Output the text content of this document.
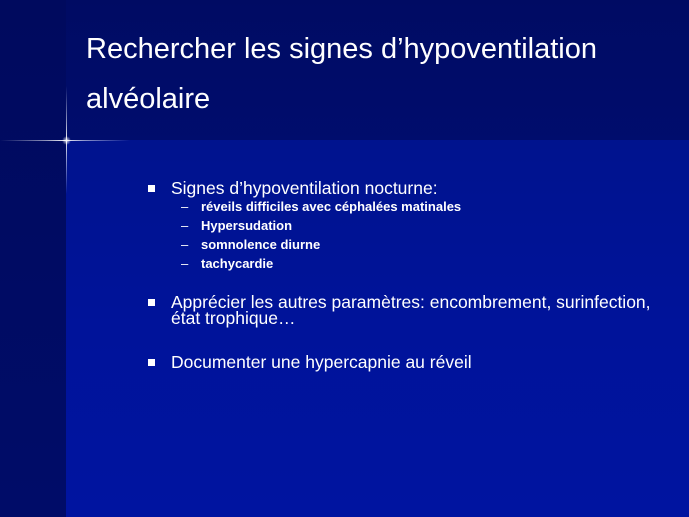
Rechercher les signes d’hypoventilation alvéolaire
Signes d’hypoventilation nocturne:
– réveils difficiles avec céphalées matinales
– Hypersudation
– somnolence diurne
– tachycardie
Apprécier les autres paramètres: encombrement, surinfection, état trophique…
Documenter une hypercapnie au réveil
